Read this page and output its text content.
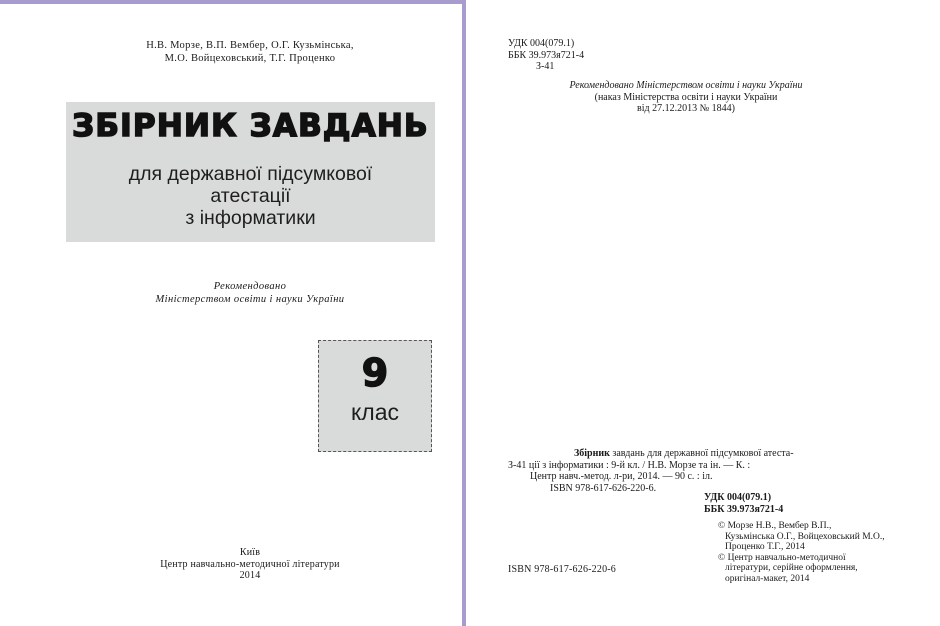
Н.В. Морзе, В.П. Вембер, О.Г. Кузьмінська,
М.О. Войцеховський, Т.Г. Проценко
ЗБІРНИК ЗАВДАНЬ
для державної підсумкової
атестації
з інформатики
Рекомендовано
Міністерством освіти і науки України
9
клас
Київ
Центр навчально-методичної літератури
2014
УДК 004(079.1)
ББК 39.973я721-4
З-41
Рекомендовано Міністерством освіти і науки України
(наказ Міністерства освіти і науки України
від 27.12.2013 № 1844)
Збірник завдань для державної підсумкової атеста-
З-41 ції з інформатики : 9-й кл. / Н.В. Морзе та ін. — К. :
Центр навч.-метод. л-ри, 2014. — 90 с. : іл.
ISBN 978-617-626-220-6.
УДК 004(079.1)
ББК 39.973я721-4
© Морзе Н.В., Вембер В.П.,
Кузьмінська О.Г., Войцеховський М.О.,
Проценко Т.Г., 2014
© Центр навчально-методичної
літератури, серійне оформлення,
оригінал-макет, 2014
ISBN 978-617-626-220-6
